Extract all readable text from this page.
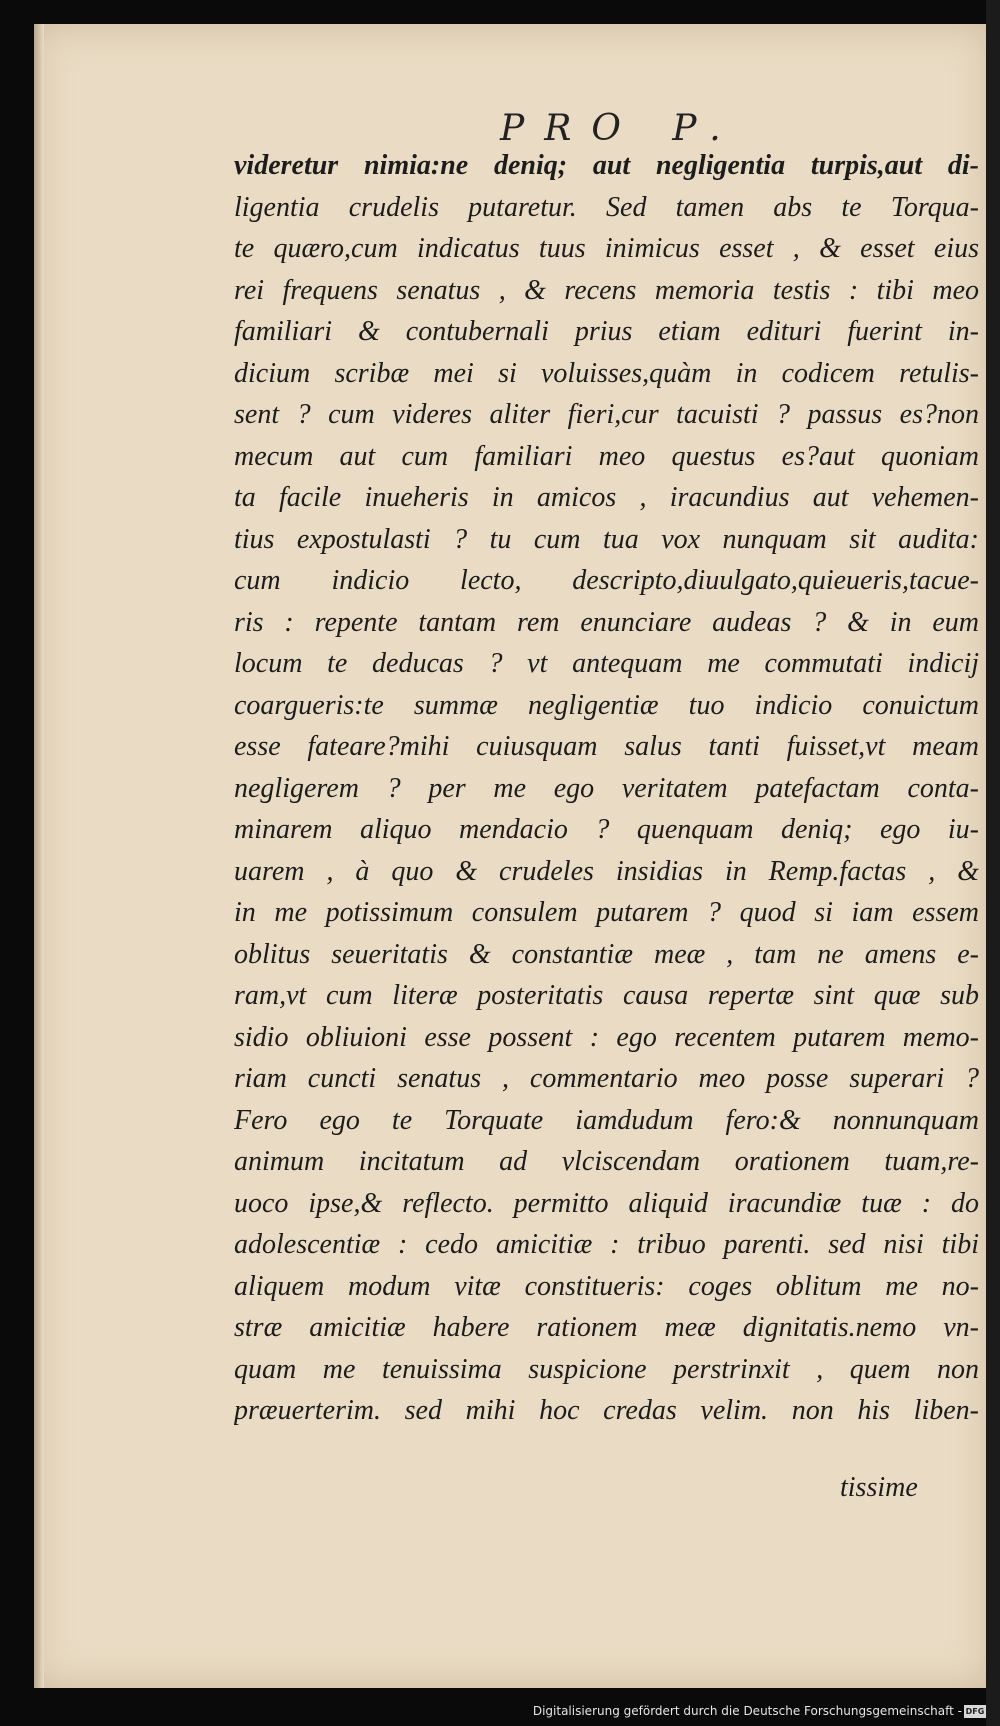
PRO P.
videretur nimia:ne deniq; aut negligentia turpis,aut di-
ligentia crudelis putaretur. Sed tamen abs te Torqua-
te quæro,cum indicatus tuus inimicus esset , & esset eius
rei frequens senatus , & recens memoria testis : tibi meo
familiari & contubernali prius etiam edituri fuerint in-
dicium scribæ mei si voluisses,quàm in codicem retulis-
sent ? cum videres aliter fieri,cur tacuisti ? passus es?non
mecum aut cum familiari meo questus es?aut quoniam
ta facile inueheris in amicos , iracundius aut vehemen-
tius expostulasti ? tu cum tua vox nunquam sit audita:
cum indicio lecto, descripto,diuulgato,quieueris,tacue-
ris : repente tantam rem enunciare audeas ? & in eum
locum te deducas ? vt antequam me commutati indicij
coargueris:te summæ negligentiæ tuo indicio conuictum
esse fateare?mihi cuiusquam salus tanti fuisset,vt meam
negligerem ? per me ego veritatem patefactam conta-
minarem aliquo mendacio ? quenquam deniq; ego iu-
uarem , à quo & crudeles insidias in Remp.factas , &
in me potissimum consulem putarem ? quod si iam essem
oblitus seueritatis & constantiæ meæ , tam ne amens e-
ram,vt cum literæ posteritatis causa repertæ sint quæ sub
sidio obliuioni esse possent : ego recentem putarem memo-
riam cuncti senatus , commentario meo posse superari ?
Fero ego te Torquate iamdudum fero:& nonnunquam
animum incitatum ad vlciscendam orationem tuam,re-
uoco ipse,& reflecto. permitto aliquid iracundiæ tuæ : do
adolescentiæ : cedo amicitiæ : tribuo parenti. sed nisi tibi
aliquem modum vitæ constitueris: coges oblitum me no-
stræ amicitiæ habere rationem meæ dignitatis.nemo vn-
quam me tenuissima suspicione perstrinxit , quem non
præuerterim. sed mihi hoc credas velim. non his liben-
tissime
Digitalisierung gefördert durch die Deutsche Forschungsgemeinschaft - DFG
